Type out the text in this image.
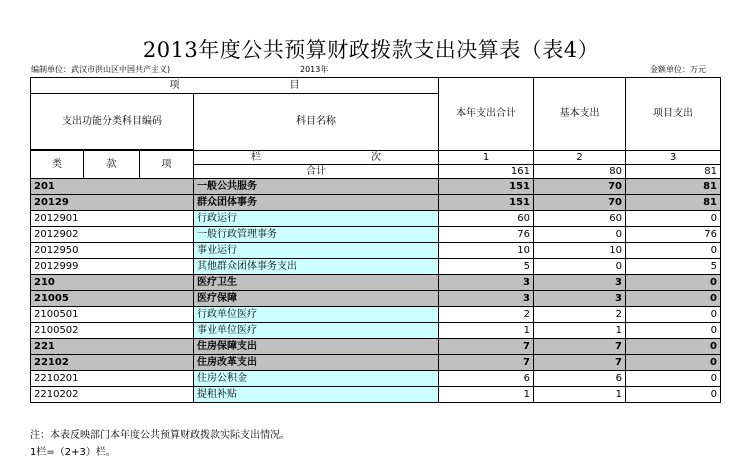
2013年度公共预算财政拨款支出决算表（表4）
编制单位：武汉市洪山区中国共产主义)	2013年	金额单位：万元
项 目				本年支出合计	基本支出	项目支出
支出功能分类科目编码			科目名称			

类	款	项	栏 次	1	2	3
			合计	161	80	81
201			一般公共服务	151	70	81
20129			群众团体事务	151	70	81
2012901			行政运行	60	60	0
2012902			一般行政管理事务	76	0	76
2012950			事业运行	10	10	0
2012999			其他群众团体事务支出	5	0	5
210			医疗卫生	3	3	0
21005			医疗保障	3	3	0
2100501			行政单位医疗	2	2	0
2100502			事业单位医疗	1	1	0
221			住房保障支出	7	7	0
22102			住房改革支出	7	7	0
2210201			住房公积金	6	6	0
2210202			提租补贴	1	1	0
注：本表反映部门本年度公共预算财政拨款实际支出情况。
1栏=（2+3）栏。
